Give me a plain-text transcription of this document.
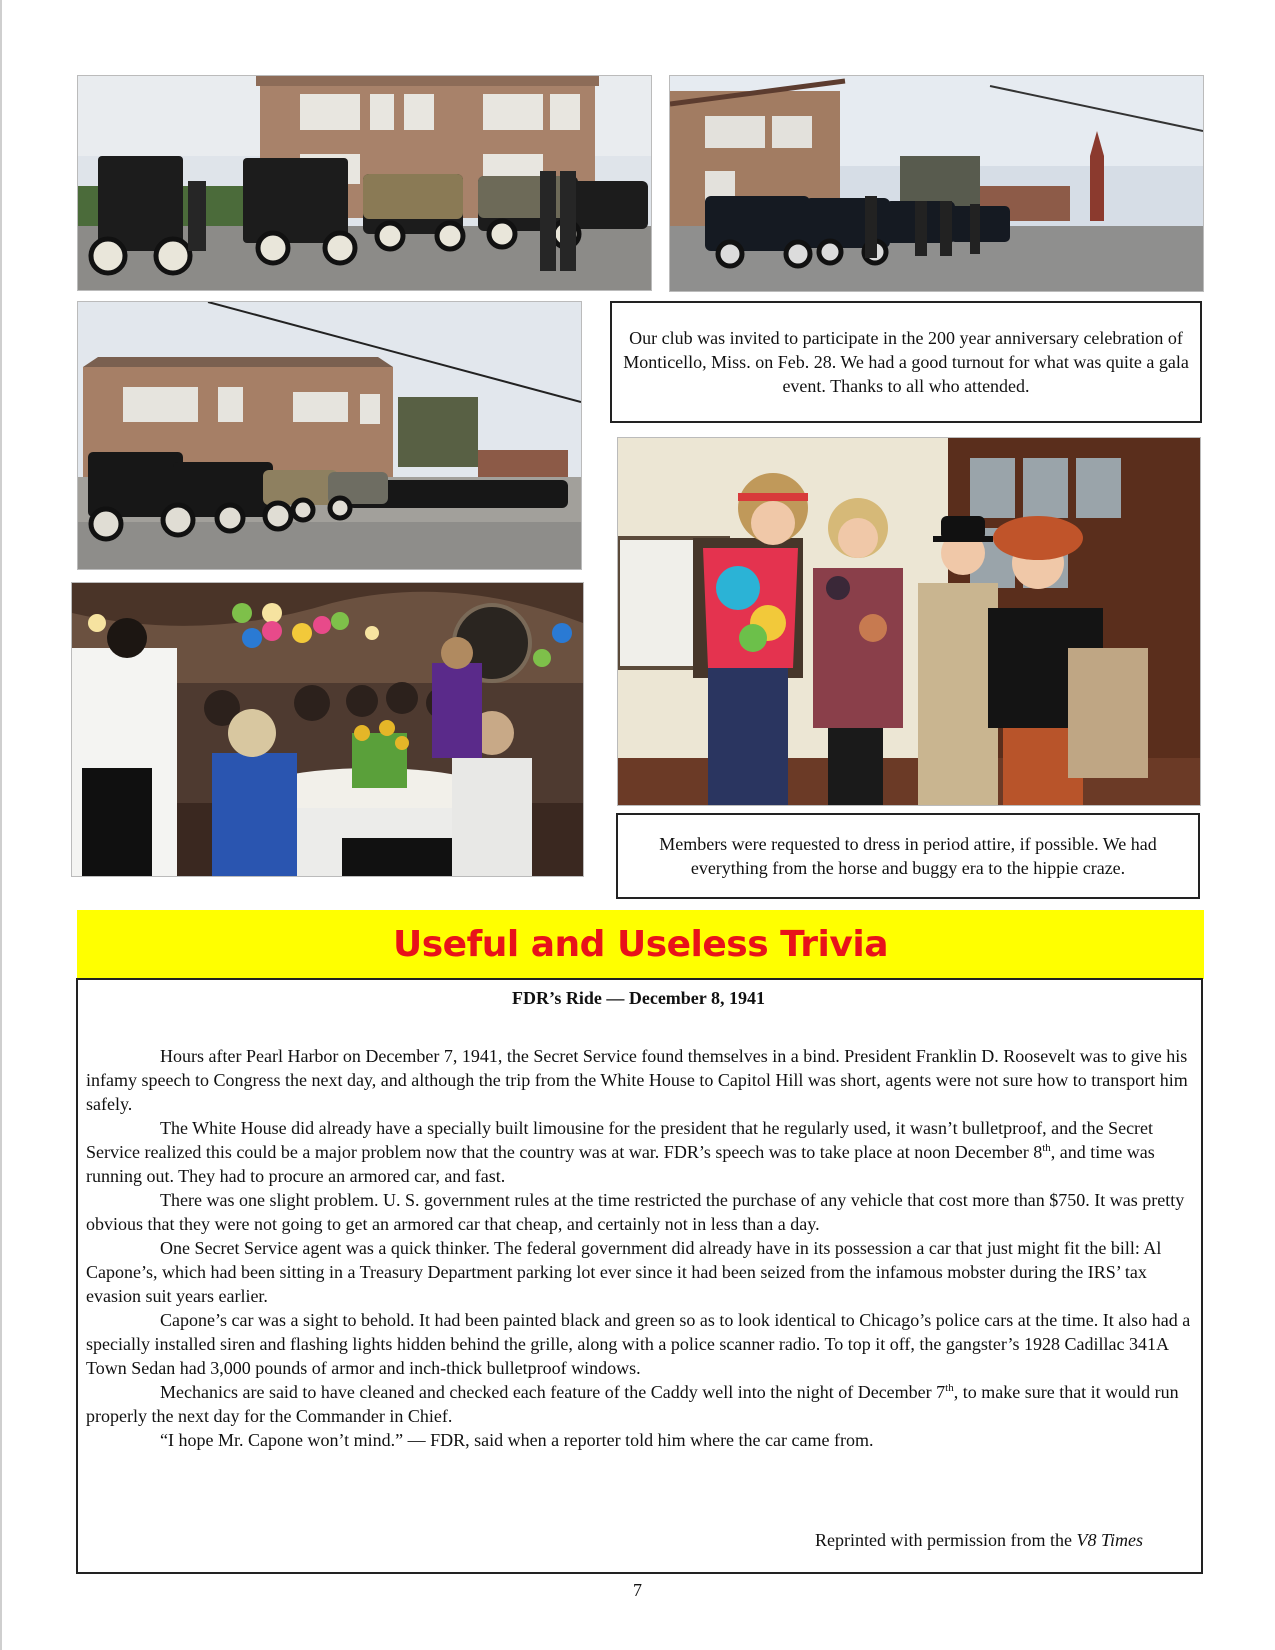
Our club was invited to participate in the 200 year anniversary celebration of Monticello, Miss. on Feb. 28. We had a good turnout for what was quite a gala event. Thanks to all who attended.
Members were requested to dress in period attire, if possible. We had everything from the horse and buggy era to the hippie craze.
Useful and Useless Trivia
FDR’s Ride — December 8, 1941

Hours after Pearl Harbor on December 7, 1941, the Secret Service found themselves in a bind. President Franklin D. Roosevelt was to give his infamy speech to Congress the next day, and although the trip from the White House to Capitol Hill was short, agents were not sure how to transport him safely.

The White House did already have a specially built limousine for the president that he regularly used, it wasn’t bulletproof, and the Secret Service realized this could be a major problem now that the country was at war. FDR’s speech was to take place at noon December 8th, and time was running out. They had to procure an armored car, and fast.

There was one slight problem. U. S. government rules at the time restricted the purchase of any vehicle that cost more than $750. It was pretty obvious that they were not going to get an armored car that cheap, and certainly not in less than a day.

One Secret Service agent was a quick thinker. The federal government did already have in its possession a car that just might fit the bill: Al Capone’s, which had been sitting in a Treasury Department parking lot ever since it had been seized from the infamous mobster during the IRS’ tax evasion suit years earlier.

Capone’s car was a sight to behold. It had been painted black and green so as to look identical to Chicago’s police cars at the time. It also had a specially installed siren and flashing lights hidden behind the grille, along with a police scanner radio. To top it off, the gangster’s 1928 Cadillac 341A Town Sedan had 3,000 pounds of armor and inch-thick bulletproof windows.

Mechanics are said to have cleaned and checked each feature of the Caddy well into the night of December 7th, to make sure that it would run properly the next day for the Commander in Chief.

“I hope Mr. Capone won’t mind.” — FDR, said when a reporter told him where the car came from.

Reprinted with permission from the V8 Times
7
